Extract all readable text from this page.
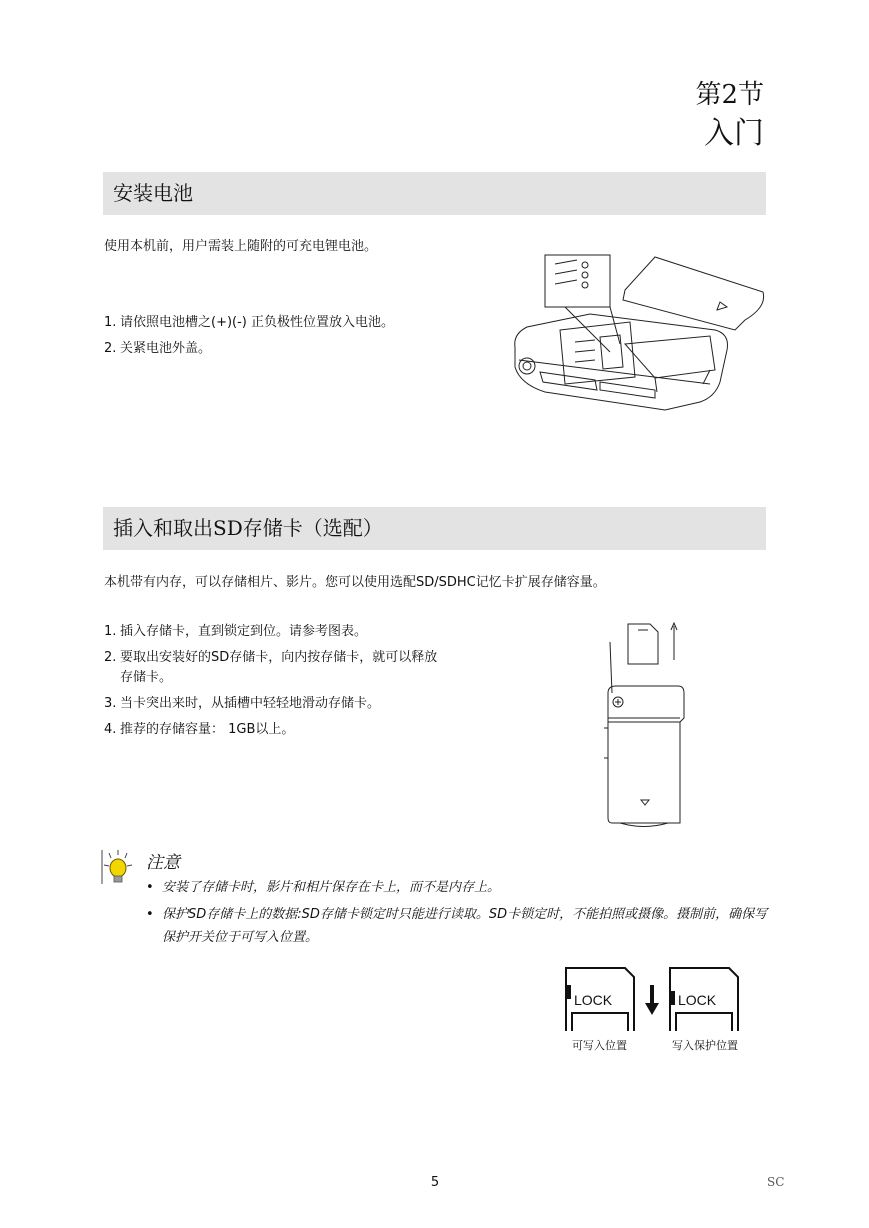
第2节
入门
安装电池
使用本机前，用户需装上随附的可充电锂电池。
1. 请依照电池槽之(+)(-) 正负极性位置放入电池。
2. 关紧电池外盖。
插入和取出SD存储卡（选配）
本机带有内存，可以存储相片、影片。您可以使用选配SD/SDHC记忆卡扩展存储容量。
1. 插入存储卡，直到锁定到位。请参考图表。
2. 要取出安装好的SD存储卡，向内按存储卡，就可以释放
存储卡。
3. 当卡突出来时，从插槽中轻轻地滑动存储卡。
4. 推荐的存储容量： 1GB以上。
注意
• 安装了存储卡时，影片和相片保存在卡上，而不是内存上。
• 保护SD存储卡上的数据:SD存储卡锁定时只能进行读取。SD卡锁定时，不能拍照或摄像。摄制前，确保写保护开关位于可写入位置。
LOCK	LOCK
可写入位置	写入保护位置
5	SC
